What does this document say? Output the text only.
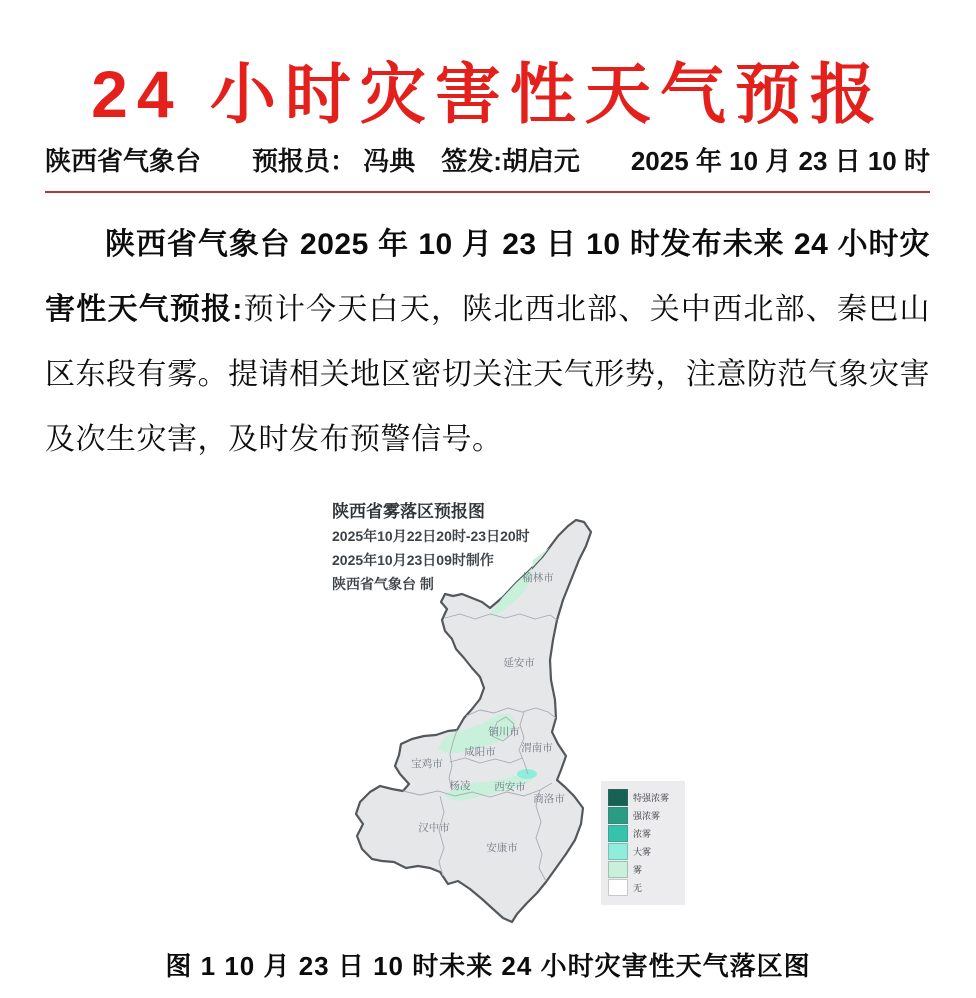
24 小时灾害性天气预报
陕西省气象台 预报员： 冯典 签发:胡启元 2025 年 10 月 23 日 10 时

陕西省气象台 2025 年 10 月 23 日 10 时发布未来 24 小时灾害性天气预报:预计今天白天，陕北西北部、关中西北部、秦巴山区东段有雾。提请相关地区密切关注天气形势，注意防范气象灾害及次生灾害，及时发布预警信号。

陕西省雾落区预报图
2025年10月22日20时-23日20时
2025年10月23日09时制作
陕西省气象台 制	榆林市
延安市
铜川市
渭南市
咸阳市
宝鸡市
杨凌 西安市
商洛市
汉中市
安康市
特强浓雾
强浓雾
浓雾
大雾
雾
无
图 1 10 月 23 日 10 时未来 24 小时灾害性天气落区图
